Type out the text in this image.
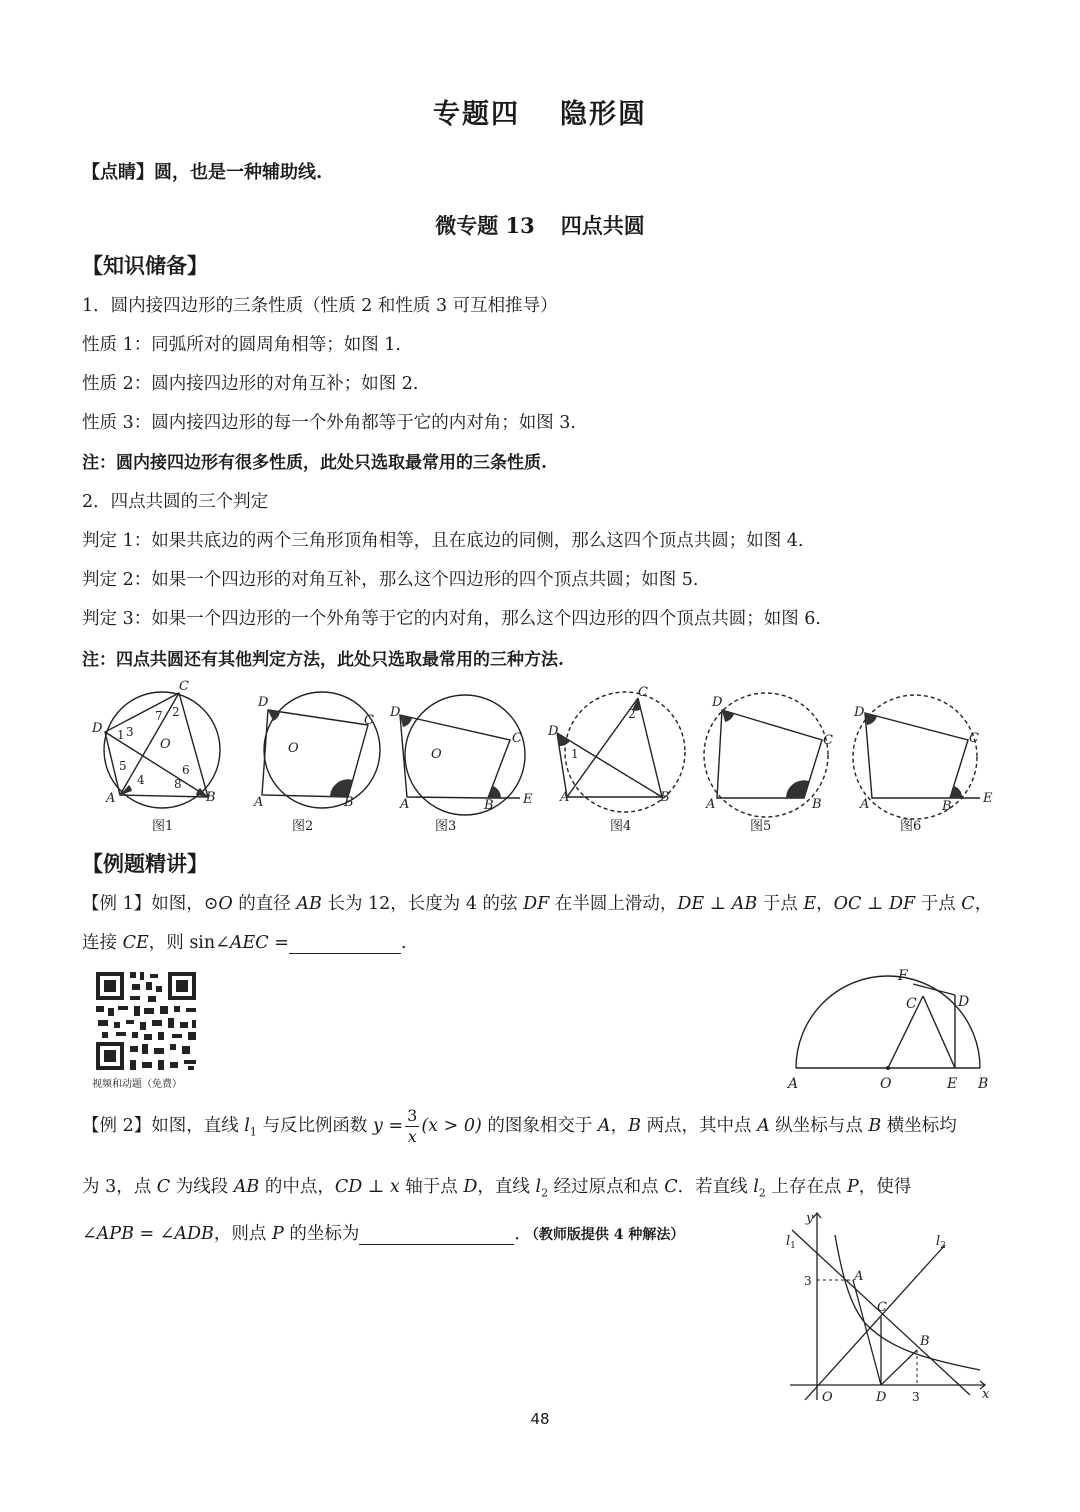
专题四 隐形圆
【点睛】圆，也是一种辅助线.
微专题 13 四点共圆
【知识储备】
1．圆内接四边形的三条性质（性质 2 和性质 3 可互相推导）
性质 1：同弧所对的圆周角相等；如图 1.
性质 2：圆内接四边形的对角互补；如图 2.
性质 3：圆内接四边形的每一个外角都等于它的内对角；如图 3.
注：圆内接四边形有很多性质，此处只选取最常用的三条性质.
2．四点共圆的三个判定
判定 1：如果共底边的两个三角形顶角相等，且在底边的同侧，那么这四个顶点共圆；如图 4.
判定 2：如果一个四边形的对角互补，那么这个四边形的四个顶点共圆；如图 5.
判定 3：如果一个四边形的一个外角等于它的内对角，那么这个四边形的四个顶点共圆；如图 6.
注：四点共圆还有其他判定方法，此处只选取最常用的三种方法.
C
D
A	B
O
D
C
A	B
O
D
C
A	B E
O
C
D
A	B
D
C
A	B
D
C
A	B
E
1
2
3
4
5	6
7
8
1
2
图1	图2	图3	图4	图5	图6
【例题精讲】
【例 1】如图，⊙O 的直径 AB 长为 12，长度为 4 的弦 DF 在半圆上滑动，DE ⊥ AB 于点 E，OC ⊥ DF 于点 C，
连接 CE，则 sin∠AEC =	.
视频和动题（免费）
F
C	D
A	O	E B
【例 2】如图，直线 $l_1$ 与反比例函数 $y = \frac{3}{x} (x > 0)$ 的图象相交于 A，B 两点，其中点 A 纵坐标与点 B 横坐标均
为 3，点 C 为线段 AB 的中点，CD ⊥ x 轴于点 D，直线 $l_2$ 经过原点和点 C．若直线 $l_2$ 上存在点 P，使得
∠APB = ∠ADB，则点 P 的坐标为	．（教师版提供 4 种解法）
y
x
O	D
A
C
B
$l_1$	$l_2$
3
3
48
